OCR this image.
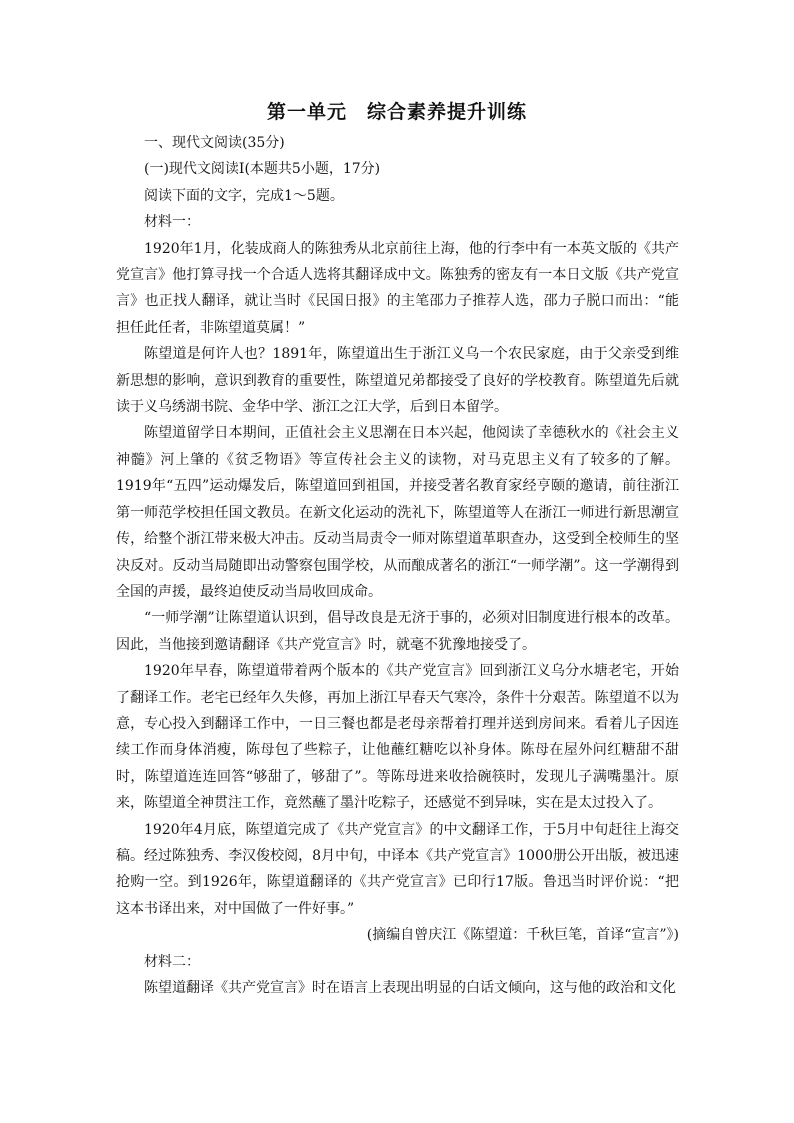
第一单元　综合素养提升训练

一、现代文阅读(35分)

(一)现代文阅读Ⅰ(本题共5小题，17分)

阅读下面的文字，完成1～5题。

材料一：

1920年1月，化装成商人的陈独秀从北京前往上海，他的行李中有一本英文版的《共产党宣言》他打算寻找一个合适人选将其翻译成中文。陈独秀的密友有一本日文版《共产党宣言》也正找人翻译，就让当时《民国日报》的主笔邵力子推荐人选，邵力子脱口而出：“能担任此任者，非陈望道莫属！”

陈望道是何许人也？1891年，陈望道出生于浙江义乌一个农民家庭，由于父亲受到维新思想的影响，意识到教育的重要性，陈望道兄弟都接受了良好的学校教育。陈望道先后就读于义乌绣湖书院、金华中学、浙江之江大学，后到日本留学。

陈望道留学日本期间，正值社会主义思潮在日本兴起，他阅读了幸德秋水的《社会主义神髓》河上肇的《贫乏物语》等宣传社会主义的读物，对马克思主义有了较多的了解。1919年“五四”运动爆发后，陈望道回到祖国，并接受著名教育家经亨颐的邀请，前往浙江第一师范学校担任国文教员。在新文化运动的洗礼下，陈望道等人在浙江一师进行新思潮宣传，给整个浙江带来极大冲击。反动当局责令一师对陈望道革职查办，这受到全校师生的坚决反对。反动当局随即出动警察包围学校，从而酿成著名的浙江“一师学潮”。这一学潮得到全国的声援，最终迫使反动当局收回成命。

“一师学潮”让陈望道认识到，倡导改良是无济于事的，必须对旧制度进行根本的改革。因此，当他接到邀请翻译《共产党宣言》时，就毫不犹豫地接受了。

1920年早春，陈望道带着两个版本的《共产党宣言》回到浙江义乌分水塘老宅，开始了翻译工作。老宅已经年久失修，再加上浙江早春天气寒冷，条件十分艰苦。陈望道不以为意，专心投入到翻译工作中，一日三餐也都是老母亲帮着打理并送到房间来。看着儿子因连续工作而身体消瘦，陈母包了些粽子，让他蘸红糖吃以补身体。陈母在屋外问红糖甜不甜时，陈望道连连回答“够甜了，够甜了”。等陈母进来收拾碗筷时，发现儿子满嘴墨汁。原来，陈望道全神贯注工作，竟然蘸了墨汁吃粽子，还感觉不到异味，实在是太过投入了。

1920年4月底，陈望道完成了《共产党宣言》的中文翻译工作，于5月中旬赶往上海交稿。经过陈独秀、李汉俊校阅，8月中旬，中译本《共产党宣言》1000册公开出版，被迅速抢购一空。到1926年，陈望道翻译的《共产党宣言》已印行17版。鲁迅当时评价说：“把这本书译出来，对中国做了一件好事。”

(摘编自曾庆江《陈望道：千秋巨笔，首译“宣言”》)

材料二：

陈望道翻译《共产党宣言》时在语言上表现出明显的白话文倾向，这与他的政治和文化
